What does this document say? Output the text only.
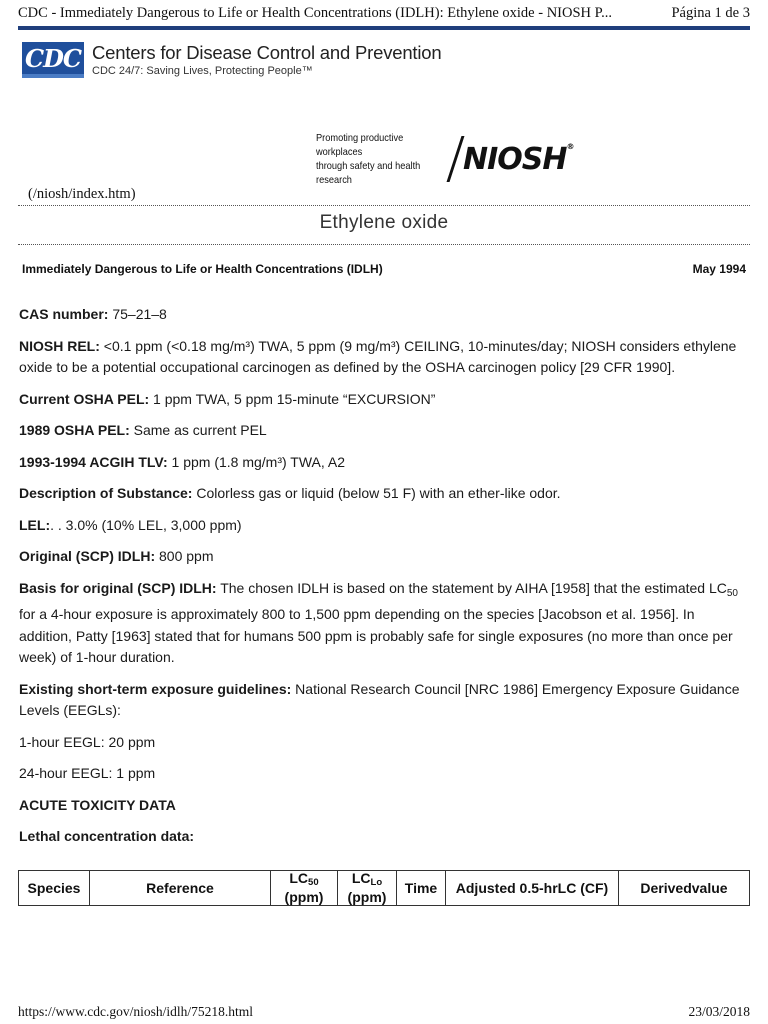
CDC - Immediately Dangerous to Life or Health Concentrations (IDLH): Ethylene oxide - NIOSH P...	Página 1 de 3
CDC Centers for Disease Control and Prevention
CDC 24/7: Saving Lives, Protecting People™
Promoting productive workplaces
through safety and health research
NIOSH®
(/niosh/index.htm)
Ethylene oxide
Immediately Dangerous to Life or Health Concentrations (IDLH)	May 1994

CAS number: 75–21–8

NIOSH REL: <0.1 ppm (<0.18 mg/m³) TWA, 5 ppm (9 mg/m³) CEILING, 10-minutes/day; NIOSH considers ethylene oxide to be a potential occupational carcinogen as defined by the OSHA carcinogen policy [29 CFR 1990].

Current OSHA PEL: 1 ppm TWA, 5 ppm 15-minute “EXCURSION”

1989 OSHA PEL: Same as current PEL

1993-1994 ACGIH TLV: 1 ppm (1.8 mg/m³) TWA, A2

Description of Substance: Colorless gas or liquid (below 51 F) with an ether-like odor.

LEL:. . 3.0% (10% LEL, 3,000 ppm)

Original (SCP) IDLH: 800 ppm

Basis for original (SCP) IDLH: The chosen IDLH is based on the statement by AIHA [1958] that the estimated $LC_{50}$ for a 4-hour exposure is approximately 800 to 1,500 ppm depending on the species [Jacobson et al. 1956]. In addition, Patty [1963] stated that for humans 500 ppm is probably safe for single exposures (no more than once per week) of 1-hour duration.

Existing short-term exposure guidelines: National Research Council [NRC 1986] Emergency Exposure Guidance Levels (EEGLs):

1-hour EEGL: 20 ppm

24-hour EEGL: 1 ppm

ACUTE TOXICITY DATA

Lethal concentration data:

Species	Reference	LC50
(ppm)	LCLo
(ppm)	Time	Adjusted 0.5-hrLC (CF)	Derivedvalue
https://www.cdc.gov/niosh/idlh/75218.html	23/03/2018
